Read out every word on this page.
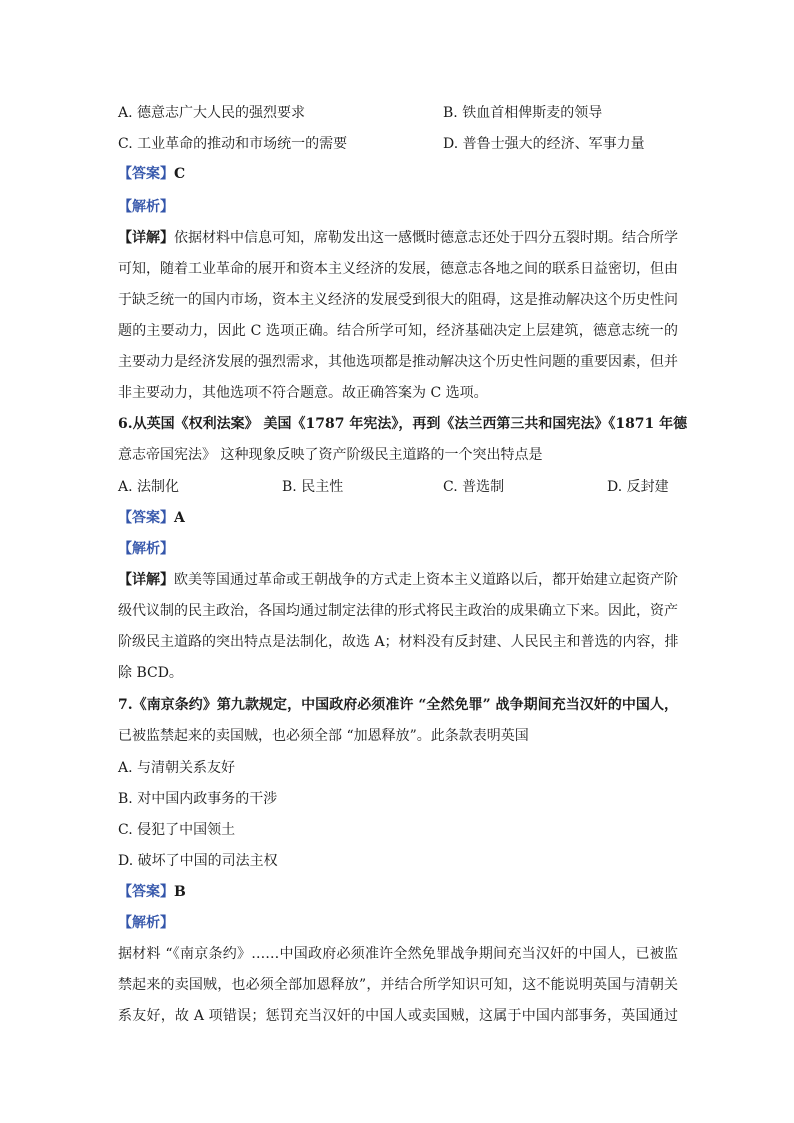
A. 德意志广大人民的强烈要求	B. 铁血首相俾斯麦的领导
C. 工业革命的推动和市场统一的需要	D. 普鲁士强大的经济、军事力量
【答案】C
【解析】
【详解】依据材料中信息可知，席勒发出这一感慨时德意志还处于四分五裂时期。结合所学
可知，随着工业革命的展开和资本主义经济的发展，德意志各地之间的联系日益密切，但由
于缺乏统一的国内市场，资本主义经济的发展受到很大的阻碍，这是推动解决这个历史性问
题的主要动力，因此 C 选项正确。结合所学可知，经济基础决定上层建筑，德意志统一的
主要动力是经济发展的强烈需求，其他选项都是推动解决这个历史性问题的重要因素，但并
非主要动力，其他选项不符合题意。故正确答案为 C 选项。
6.从英国《权利法案》 美国《1787 年宪法》，再到《法兰西第三共和国宪法》《1871 年德
意志帝国宪法》 这种现象反映了资产阶级民主道路的一个突出特点是
A. 法制化	B. 民主性	C. 普选制	D. 反封建
【答案】A
【解析】
【详解】欧美等国通过革命或王朝战争的方式走上资本主义道路以后，都开始建立起资产阶
级代议制的民主政治，各国均通过制定法律的形式将民主政治的成果确立下来。因此，资产
阶级民主道路的突出特点是法制化，故选 A；材料没有反封建、人民民主和普选的内容，排
除 BCD。
7.《南京条约》第九款规定，中国政府必须准许 “全然免罪” 战争期间充当汉奸的中国人，
已被监禁起来的卖国贼，也必须全部 “加恩释放”。此条款表明英国
A. 与清朝关系友好
B. 对中国内政事务的干涉
C. 侵犯了中国领土
D. 破坏了中国的司法主权
【答案】B
【解析】
据材料 “《南京条约》……中国政府必须准许全然免罪战争期间充当汉奸的中国人，已被监
禁起来的卖国贼，也必须全部加恩释放”，并结合所学知识可知，这不能说明英国与清朝关
系友好，故 A 项错误；惩罚充当汉奸的中国人或卖国贼，这属于中国内部事务，英国通过
